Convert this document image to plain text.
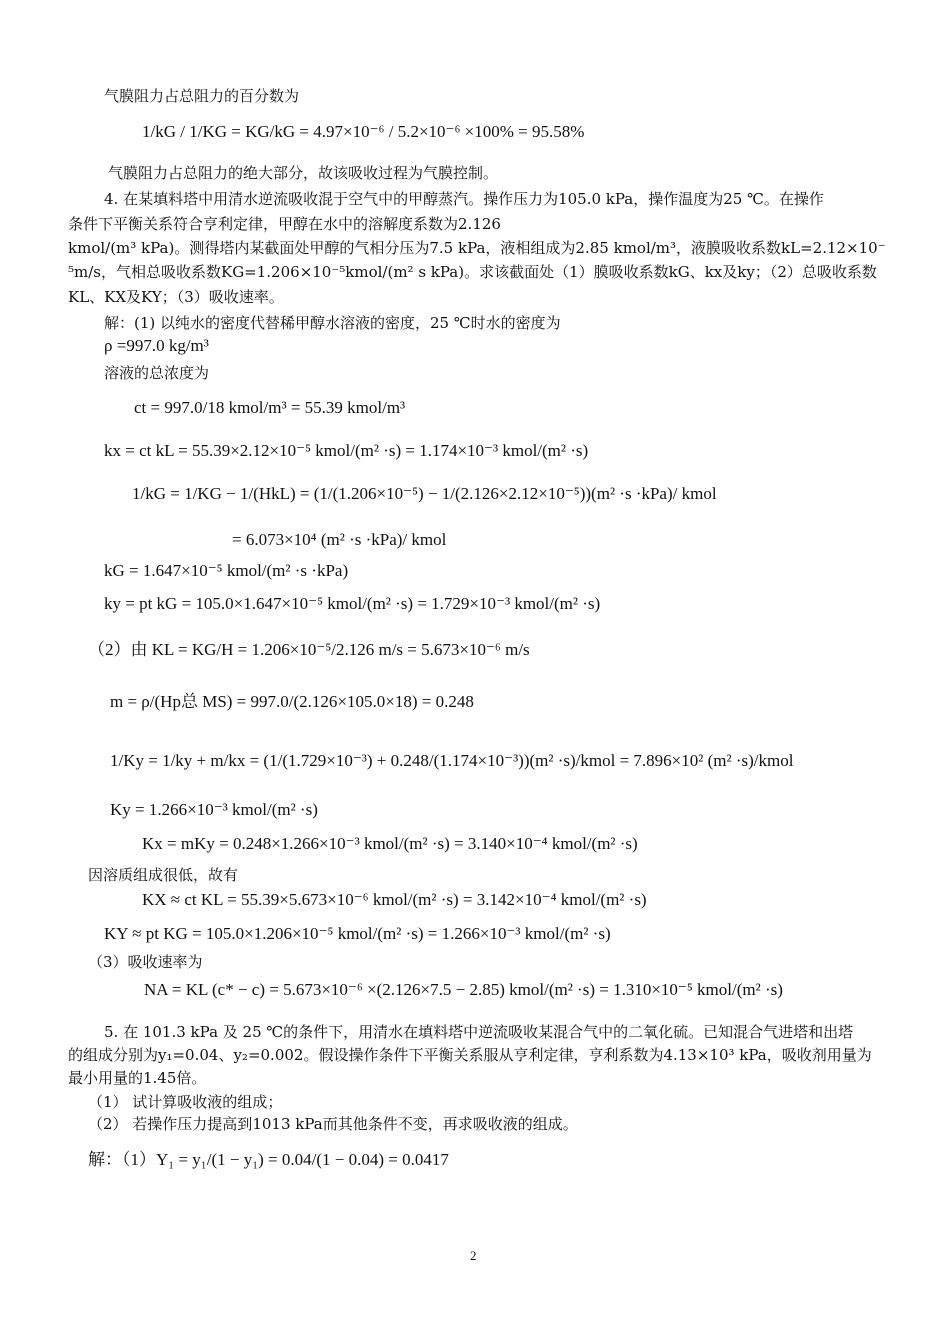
气膜阻力占总阻力的百分数为
1/kG / 1/KG = KG/kG = 4.97×10⁻⁶ / 5.2×10⁻⁶ ×100% = 95.58%
气膜阻力占总阻力的绝大部分，故该吸收过程为气膜控制。
4. 在某填料塔中用清水逆流吸收混于空气中的甲醇蒸汽。操作压力为105.0 kPa，操作温度为25 ℃。在操作
条件下平衡关系符合亨利定律，甲醇在水中的溶解度系数为2.126
kmol/(m³ kPa)。测得塔内某截面处甲醇的气相分压为7.5 kPa，液相组成为2.85 kmol/m³，液膜吸收系数kL=2.12×10⁻
⁵m/s，气相总吸收系数KG=1.206×10⁻⁵kmol/(m² s kPa)。求该截面处（1）膜吸收系数kG、kx及ky；（2）总吸收系数
KL、KX及KY；（3）吸收速率。
解：(1) 以纯水的密度代替稀甲醇水溶液的密度，25 ℃时水的密度为
ρ =997.0 kg/m³
溶液的总浓度为
ct = 997.0/18 kmol/m³ = 55.39 kmol/m³
kx = ct kL = 55.39×2.12×10⁻⁵ kmol/(m² ·s) = 1.174×10⁻³ kmol/(m² ·s)
1/kG = 1/KG − 1/(HkL) = (1/(1.206×10⁻⁵) − 1/(2.126×2.12×10⁻⁵))(m² ·s ·kPa)/ kmol
= 6.073×10⁴ (m² ·s ·kPa)/ kmol
kG = 1.647×10⁻⁵ kmol/(m² ·s ·kPa)
ky = pt kG = 105.0×1.647×10⁻⁵ kmol/(m² ·s) = 1.729×10⁻³ kmol/(m² ·s)
（2）由 KL = KG/H = 1.206×10⁻⁵/2.126 m/s = 5.673×10⁻⁶ m/s
m = ρ/(Hp总 MS) = 997.0/(2.126×105.0×18) = 0.248
1/Ky = 1/ky + m/kx = (1/(1.729×10⁻³) + 0.248/(1.174×10⁻³))(m² ·s)/kmol = 7.896×10² (m² ·s)/kmol
Ky = 1.266×10⁻³ kmol/(m² ·s)
Kx = mKy = 0.248×1.266×10⁻³ kmol/(m² ·s) = 3.140×10⁻⁴ kmol/(m² ·s)
因溶质组成很低，故有
KX ≈ ct KL = 55.39×5.673×10⁻⁶ kmol/(m² ·s) = 3.142×10⁻⁴ kmol/(m² ·s)
KY ≈ pt KG = 105.0×1.206×10⁻⁵ kmol/(m² ·s) = 1.266×10⁻³ kmol/(m² ·s)
（3）吸收速率为
NA = KL (c* − c) = 5.673×10⁻⁶ ×(2.126×7.5 − 2.85) kmol/(m² ·s) = 1.310×10⁻⁵ kmol/(m² ·s)
5. 在 101.3 kPa 及 25 ℃的条件下，用清水在填料塔中逆流吸收某混合气中的二氧化硫。已知混合气进塔和出塔
的组成分别为y₁=0.04、y₂=0.002。假设操作条件下平衡关系服从亨利定律，亨利系数为4.13×10³ kPa，吸收剂用量为
最小用量的1.45倍。
（1） 试计算吸收液的组成；
（2） 若操作压力提高到1013 kPa而其他条件不变，再求吸收液的组成。
解：（1）Y₁ = y₁/(1 − y₁) = 0.04/(1 − 0.04) = 0.0417
2
